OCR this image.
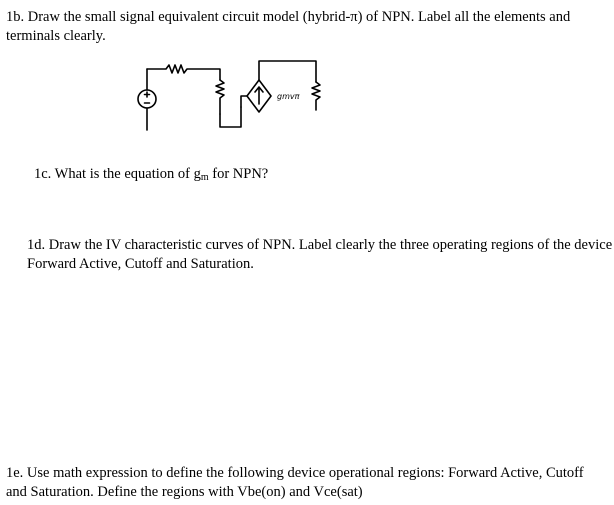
1b. Draw the small signal equivalent circuit model (hybrid-π) of NPN. Label all the elements and
terminals clearly.
gmvπ
1c. What is the equation of $g_m$ for NPN?
1d. Draw the IV characteristic curves of NPN. Label clearly the three operating regions of the device
Forward Active, Cutoff and Saturation.
1e. Use math expression to define the following device operational regions: Forward Active, Cutoff
and Saturation. Define the regions with Vbe(on) and Vce(sat)
